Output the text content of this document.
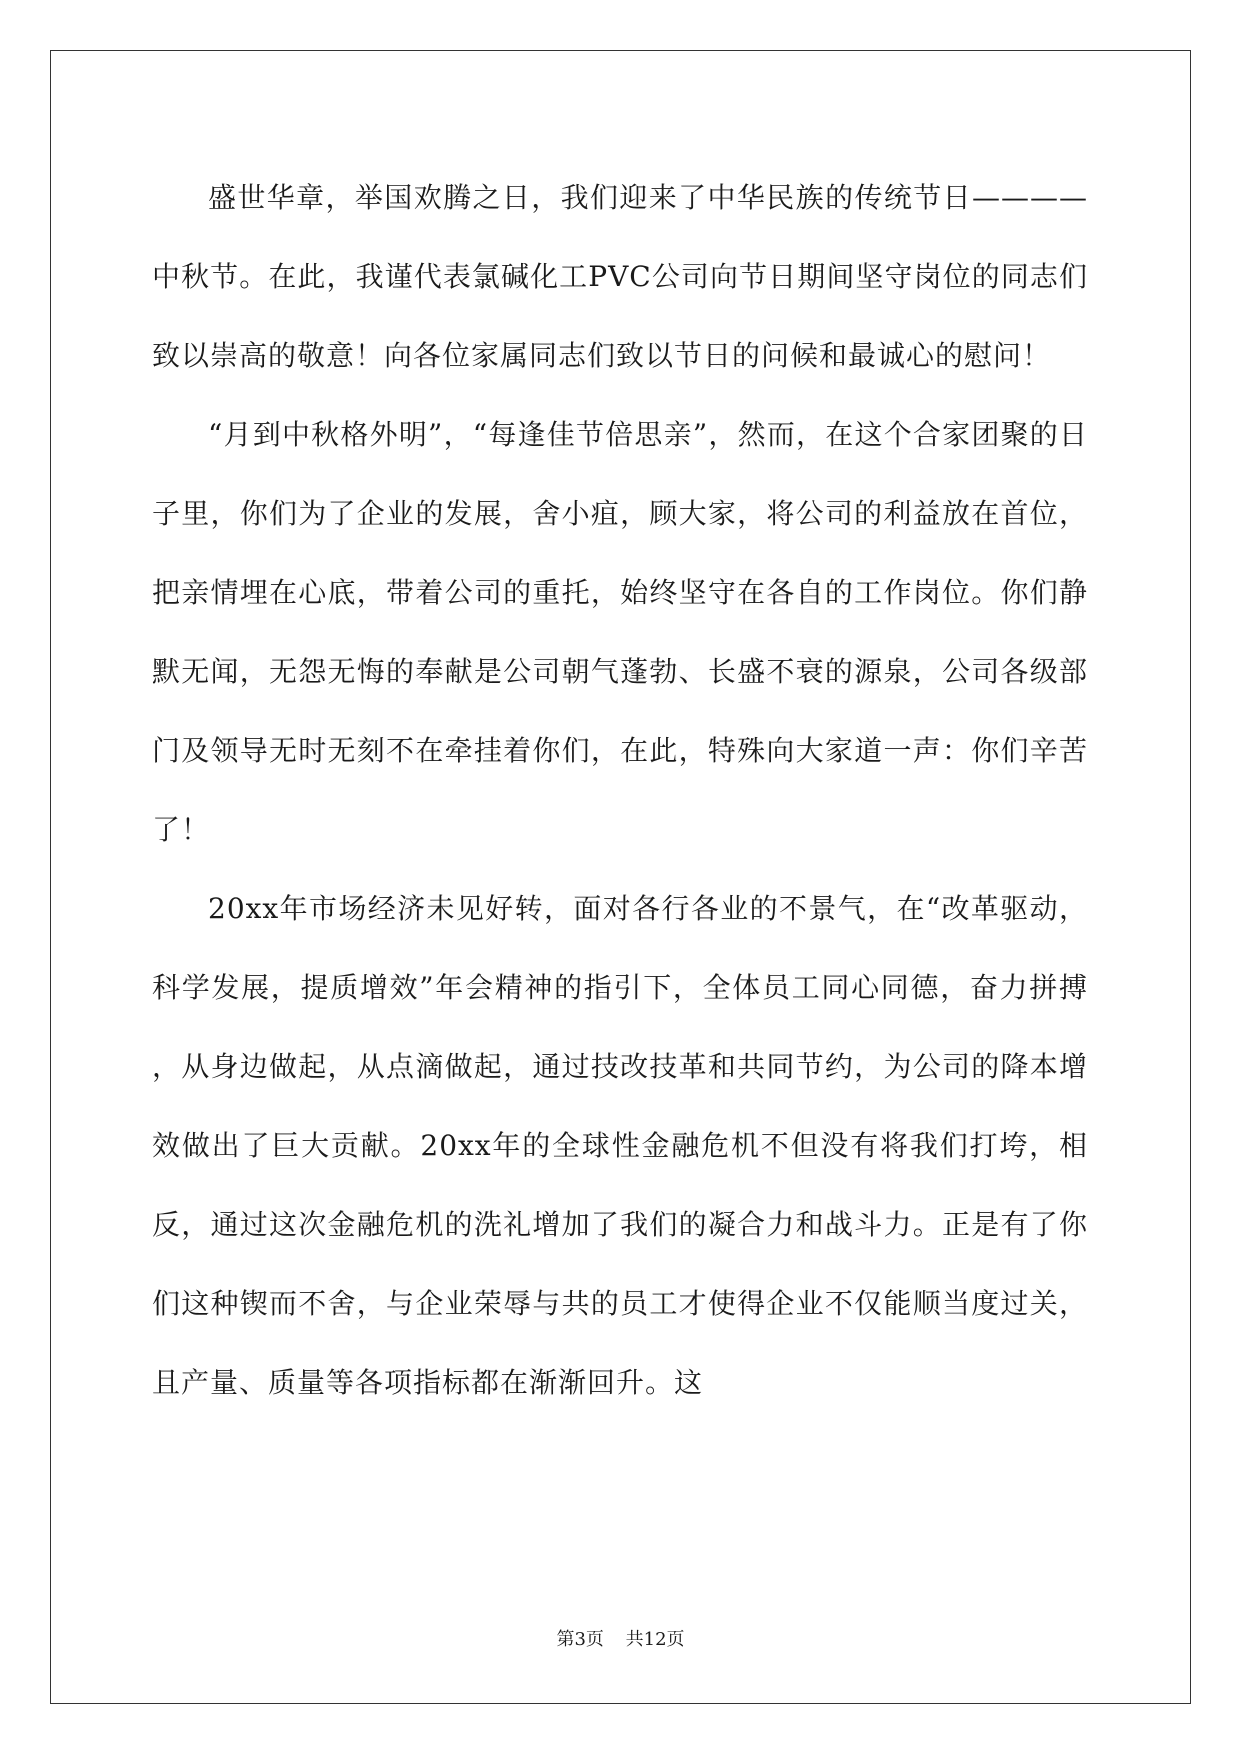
盛世华章，举国欢腾之日，我们迎来了中华民族的传统节日————中秋节。在此，我谨代表氯碱化工PVC公司向节日期间坚守岗位的同志们致以崇高的敬意！向各位家属同志们致以节日的问候和最诚心的慰问！

“月到中秋格外明”，“每逢佳节倍思亲”，然而，在这个合家团聚的日子里，你们为了企业的发展，舍小疽，顾大家，将公司的利益放在首位，把亲情埋在心底，带着公司的重托，始终坚守在各自的工作岗位。你们静默无闻，无怨无悔的奉献是公司朝气蓬勃、长盛不衰的源泉，公司各级部门及领导无时无刻不在牵挂着你们，在此，特殊向大家道一声：你们辛苦了！

20xx年市场经济未见好转，面对各行各业的不景气，在“改革驱动，科学发展，提质增效”年会精神的指引下，全体员工同心同德，奋力拼搏，从身边做起，从点滴做起，通过技改技革和共同节约，为公司的降本增效做出了巨大贡献。20xx年的全球性金融危机不但没有将我们打垮，相反，通过这次金融危机的洗礼增加了我们的凝合力和战斗力。正是有了你们这种锲而不舍，与企业荣辱与共的员工才使得企业不仅能顺当度过关，且产量、质量等各项指标都在渐渐回升。这

第3页 共12页
